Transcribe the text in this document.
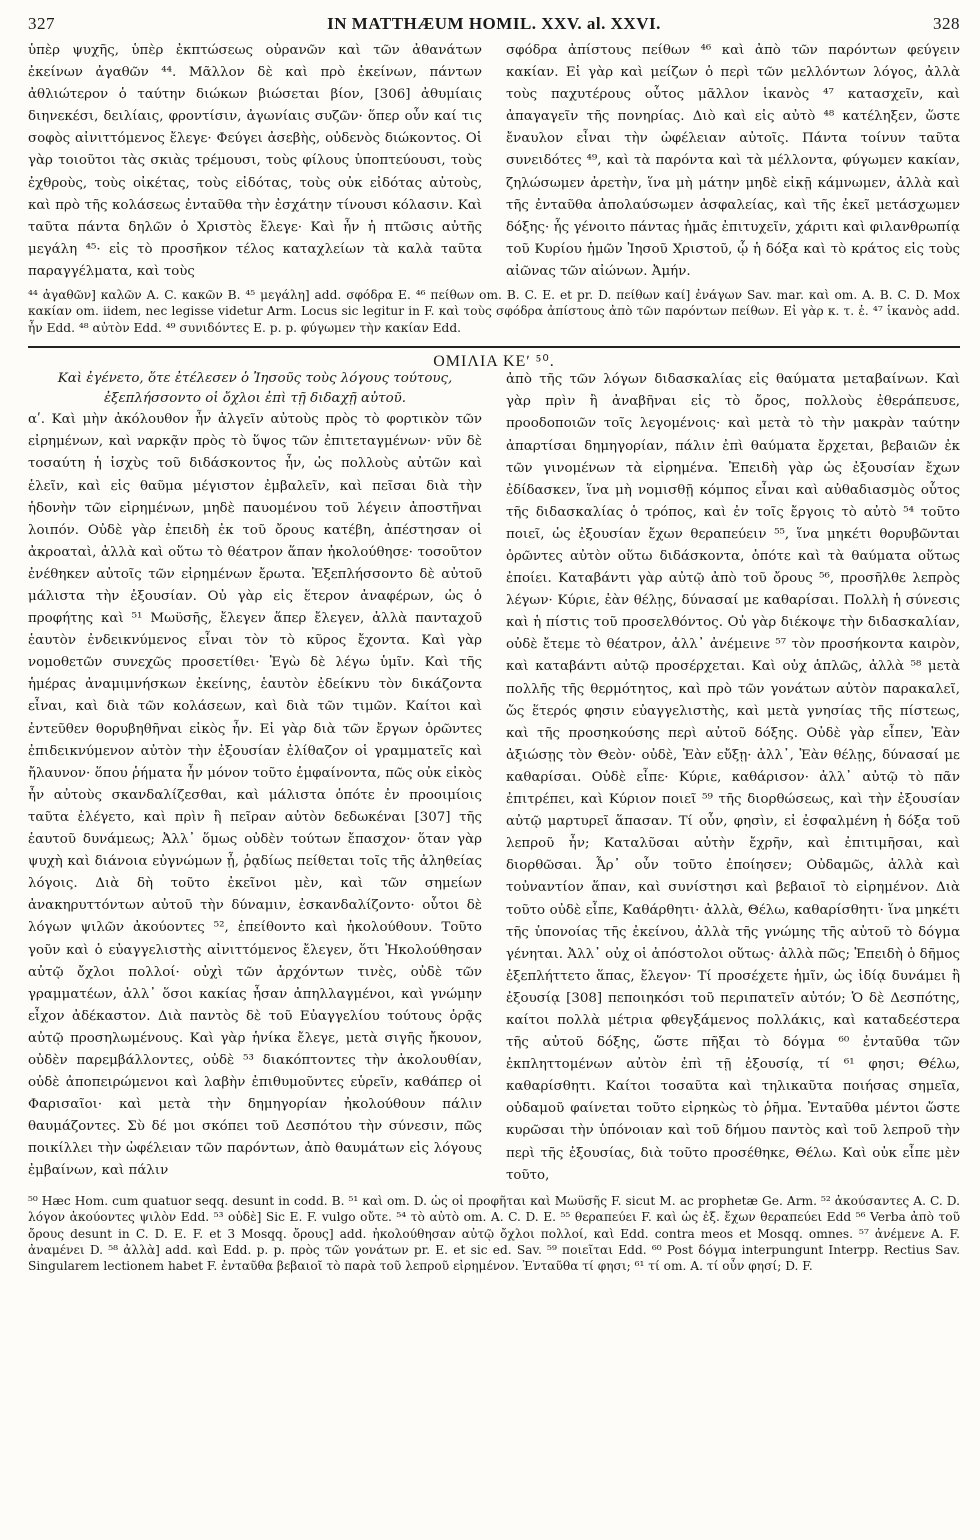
327	IN MATTHÆUM HOMIL. XXV. al. XXVI.	328

ὑπὲρ ψυχῆς, ὑπὲρ ἐκπτώσεως οὐρανῶν καὶ τῶν ἀθανάτων ἐκείνων ἀγαθῶν ⁴⁴. Μᾶλλον δὲ καὶ πρὸ ἐκείνων, πάντων ἀθλιώτερον ὁ ταύτην διώκων βιώσεται βίον, [306] ἀθυμίαις διηνεκέσι, δειλίαις, φροντίσιν, ἀγωνίαις συζῶν· ὅπερ οὖν καί τις σοφὸς αἰνιττόμενος ἔλεγε· Φεύγει ἀσεβὴς, οὐδενὸς διώκοντος. Οἱ γὰρ τοιοῦτοι τὰς σκιὰς τρέμουσι, τοὺς φίλους ὑποπτεύουσι, τοὺς ἐχθροὺς, τοὺς οἰκέτας, τοὺς εἰδότας, τοὺς οὐκ εἰδότας αὐτοὺς, καὶ πρὸ τῆς κολάσεως ἐνταῦθα τὴν ἐσχάτην τίνουσι κόλασιν. Καὶ ταῦτα πάντα δηλῶν ὁ Χριστὸς ἔλεγε· Καὶ ἦν ἡ πτῶσις αὐτῆς μεγάλη ⁴⁵· εἰς τὸ προσῆκον τέλος καταχλείων τὰ καλὰ ταῦτα παραγγέλματα, καὶ τοὺς

σφόδρα ἀπίστους πείθων ⁴⁶ καὶ ἀπὸ τῶν παρόντων φεύγειν κακίαν. Εἰ γὰρ καὶ μείζων ὁ περὶ τῶν μελλόντων λόγος, ἀλλὰ τοὺς παχυτέρους οὗτος μᾶλλον ἱκανὸς ⁴⁷ κατασχεῖν, καὶ ἀπαγαγεῖν τῆς πονηρίας. Διὸ καὶ εἰς αὐτὸ ⁴⁸ κατέληξεν, ὥστε ἔναυλον εἶναι τὴν ὠφέλειαν αὐτοῖς. Πάντα τοίνυν ταῦτα συνειδότες ⁴⁹, καὶ τὰ παρόντα καὶ τὰ μέλλοντα, φύγωμεν κακίαν, ζηλώσωμεν ἀρετὴν, ἵνα μὴ μάτην μηδὲ εἰκῇ κάμνωμεν, ἀλλὰ καὶ τῆς ἐνταῦθα ἀπολαύσωμεν ἀσφαλείας, καὶ τῆς ἐκεῖ μετάσχωμεν δόξης· ἧς γένοιτο πάντας ἡμᾶς ἐπιτυχεῖν, χάριτι καὶ φιλανθρωπίᾳ τοῦ Κυρίου ἡμῶν Ἰησοῦ Χριστοῦ, ᾧ ἡ δόξα καὶ τὸ κράτος εἰς τοὺς αἰῶνας τῶν αἰώνων. Ἀμήν.

⁴⁴ ἀγαθῶν] καλῶν A. C. κακῶν B. ⁴⁵ μεγάλη] add. σφόδρα E. ⁴⁶ πείθων om. B. C. E. et pr. D. πείθων καί] ἐνάγων Sav. mar. καὶ om. A. B. C. D. Mox κακίαν om. iidem, nec legisse videtur Arm. Locus sic legitur in F. καὶ τοὺς σφόδρα ἀπίστους ἀπὸ τῶν παρόντων πείθων. Εἰ γὰρ κ. τ. ἑ. ⁴⁷ ἱκανὸς add. ἦν Edd. ⁴⁸ αὐτὸν Edd. ⁴⁹ συνιδόντες E. p. p. φύγωμεν τὴν κακίαν Edd.
ΟΜΙΛΙΑ ΚΕʹ ⁵⁰.
Καὶ ἐγένετο, ὅτε ἐτέλεσεν ὁ Ἰησοῦς τοὺς λόγους τούτους, ἐξεπλήσσοντο οἱ ὄχλοι ἐπὶ τῇ διδαχῇ αὐτοῦ.
αʹ. Καὶ μὴν ἀκόλουθον ἦν ἀλγεῖν αὐτοὺς πρὸς τὸ φορτικὸν τῶν εἰρημένων, καὶ ναρκᾷν πρὸς τὸ ὕψος τῶν ἐπιτεταγμένων· νῦν δὲ τοσαύτη ἡ ἰσχὺς τοῦ διδάσκοντος ἦν, ὡς πολλοὺς αὐτῶν καὶ ἑλεῖν, καὶ εἰς θαῦμα μέγιστον ἐμβαλεῖν, καὶ πεῖσαι διὰ τὴν ἡδονὴν τῶν εἰρημένων, μηδὲ παυομένου τοῦ λέγειν ἀποστῆναι λοιπόν. Οὐδὲ γὰρ ἐπειδὴ ἐκ τοῦ ὄρους κατέβη, ἀπέστησαν οἱ ἀκροαταὶ, ἀλλὰ καὶ οὕτω τὸ θέατρον ἅπαν ἠκολούθησε· τοσοῦτον ἐνέθηκεν αὐτοῖς τῶν εἰρημένων ἔρωτα. Ἐξεπλήσσοντο δὲ αὐτοῦ μάλιστα τὴν ἐξουσίαν. Οὐ γὰρ εἰς ἕτερον ἀναφέρων, ὡς ὁ προφήτης καὶ ⁵¹ Μωϋσῆς, ἔλεγεν ἅπερ ἔλεγεν, ἀλλὰ πανταχοῦ ἑαυτὸν ἐνδεικνύμενος εἶναι τὸν τὸ κῦρος ἔχοντα. Καὶ γὰρ νομοθετῶν συνεχῶς προσετίθει· Ἐγὼ δὲ λέγω ὑμῖν. Καὶ τῆς ἡμέρας ἀναμιμνήσκων ἐκείνης, ἑαυτὸν ἐδείκνυ τὸν δικάζοντα εἶναι, καὶ διὰ τῶν κολάσεων, καὶ διὰ τῶν τιμῶν. Καίτοι καὶ ἐντεῦθεν θορυβηθῆναι εἰκὸς ἦν. Εἰ γὰρ διὰ τῶν ἔργων ὁρῶντες ἐπιδεικνύμενον αὐτὸν τὴν ἐξουσίαν ἐλίθαζον οἱ γραμματεῖς καὶ ἤλαυνον· ὅπου ῥήματα ἦν μόνον τοῦτο ἐμφαίνοντα, πῶς οὐκ εἰκὸς ἦν αὐτοὺς σκανδαλίζεσθαι, καὶ μάλιστα ὁπότε ἐν προοιμίοις ταῦτα ἐλέγετο, καὶ πρὶν ἢ πεῖραν αὐτὸν δεδωκέναι [307] τῆς ἑαυτοῦ δυνάμεως; Ἀλλ᾽ ὅμως οὐδὲν τούτων ἔπασχον· ὅταν γὰρ ψυχὴ καὶ διάνοια εὐγνώμων ᾖ, ῥᾳδίως πείθεται τοῖς τῆς ἀληθείας λόγοις. Διὰ δὴ τοῦτο ἐκεῖνοι μὲν, καὶ τῶν σημείων ἀνακηρυττόντων αὐτοῦ τὴν δύναμιν, ἐσκανδαλίζοντο· οὗτοι δὲ λόγων ψιλῶν ἀκούοντες ⁵², ἐπείθοντο καὶ ἠκολούθουν. Τοῦτο γοῦν καὶ ὁ εὐαγγελιστὴς αἰνιττόμενος ἔλεγεν, ὅτι Ἠκολούθησαν αὐτῷ ὄχλοι πολλοί· οὐχὶ τῶν ἀρχόντων τινὲς, οὐδὲ τῶν γραμματέων, ἀλλ᾽ ὅσοι κακίας ἦσαν ἀπηλλαγμένοι, καὶ γνώμην εἶχον ἀδέκαστον. Διὰ παντὸς δὲ τοῦ Εὐαγγελίου τούτους ὁρᾷς αὐτῷ προσηλωμένους. Καὶ γὰρ ἡνίκα ἔλεγε, μετὰ σιγῆς ἤκουον, οὐδὲν παρεμβάλλοντες, οὐδὲ ⁵³ διακόπτοντες τὴν ἀκολουθίαν, οὐδὲ ἀποπειρώμενοι καὶ λαβὴν ἐπιθυμοῦντες εὑρεῖν, καθάπερ οἱ Φαρισαῖοι· καὶ μετὰ τὴν δημηγορίαν ἠκολούθουν πάλιν θαυμάζοντες. Σὺ δέ μοι σκόπει τοῦ Δεσπότου τὴν σύνεσιν, πῶς ποικίλλει τὴν ὠφέλειαν τῶν παρόντων, ἀπὸ θαυμάτων εἰς λόγους ἐμβαίνων, καὶ πάλιν

ἀπὸ τῆς τῶν λόγων διδασκαλίας εἰς θαύματα μεταβαίνων. Καὶ γὰρ πρὶν ἢ ἀναβῆναι εἰς τὸ ὄρος, πολλοὺς ἐθεράπευσε, προοδοποιῶν τοῖς λεγομένοις· καὶ μετὰ τὸ τὴν μακρὰν ταύτην ἀπαρτίσαι δημηγορίαν, πάλιν ἐπὶ θαύματα ἔρχεται, βεβαιῶν ἐκ τῶν γινομένων τὰ εἰρημένα. Ἐπειδὴ γὰρ ὡς ἐξουσίαν ἔχων ἐδίδασκεν, ἵνα μὴ νομισθῇ κόμπος εἶναι καὶ αὐθαδιασμὸς οὗτος τῆς διδασκαλίας ὁ τρόπος, καὶ ἐν τοῖς ἔργοις τὸ αὐτὸ ⁵⁴ τοῦτο ποιεῖ, ὡς ἐξουσίαν ἔχων θεραπεύειν ⁵⁵, ἵνα μηκέτι θορυβῶνται ὁρῶντες αὐτὸν οὕτω διδάσκοντα, ὁπότε καὶ τὰ θαύματα οὕτως ἐποίει. Καταβάντι γὰρ αὐτῷ ἀπὸ τοῦ ὄρους ⁵⁶, προσῆλθε λεπρὸς λέγων· Κύριε, ἐὰν θέλῃς, δύνασαί με καθαρίσαι. Πολλὴ ἡ σύνεσις καὶ ἡ πίστις τοῦ προσελθόντος. Οὐ γὰρ διέκοψε τὴν διδασκαλίαν, οὐδὲ ἔτεμε τὸ θέατρον, ἀλλ᾽ ἀνέμεινε ⁵⁷ τὸν προσήκοντα καιρὸν, καὶ καταβάντι αὐτῷ προσέρχεται. Καὶ οὐχ ἁπλῶς, ἀλλὰ ⁵⁸ μετὰ πολλῆς τῆς θερμότητος, καὶ πρὸ τῶν γονάτων αὐτὸν παρακαλεῖ, ὥς ἕτερός φησιν εὐαγγελιστὴς, καὶ μετὰ γνησίας τῆς πίστεως, καὶ τῆς προσηκούσης περὶ αὐτοῦ δόξης. Οὐδὲ γὰρ εἶπεν, Ἐὰν ἀξιώσῃς τὸν Θεὸν· οὐδὲ, Ἐὰν εὔξῃ· ἀλλ᾽, Ἐὰν θέλῃς, δύνασαί με καθαρίσαι. Οὐδὲ εἶπε· Κύριε, καθάρισον· ἀλλ᾽ αὐτῷ τὸ πᾶν ἐπιτρέπει, καὶ Κύριον ποιεῖ ⁵⁹ τῆς διορθώσεως, καὶ τὴν ἐξουσίαν αὐτῷ μαρτυρεῖ ἅπασαν. Τί οὖν, φησὶν, εἰ ἐσφαλμένη ἡ δόξα τοῦ λεπροῦ ἦν; Καταλῦσαι αὐτὴν ἔχρῆν, καὶ ἐπιτιμῆσαι, καὶ διορθῶσαι. Ἆρ᾽ οὖν τοῦτο ἐποίησεν; Οὐδαμῶς, ἀλλὰ καὶ τοὐναντίον ἅπαν, καὶ συνίστησι καὶ βεβαιοῖ τὸ εἰρημένον. Διὰ τοῦτο οὐδὲ εἶπε, Καθάρθητι· ἀλλὰ, Θέλω, καθαρίσθητι· ἵνα μηκέτι τῆς ὑπονοίας τῆς ἐκείνου, ἀλλὰ τῆς γνώμης τῆς αὐτοῦ τὸ δόγμα γένηται. Ἀλλ᾽ οὐχ οἱ ἀπόστολοι οὕτως· ἀλλὰ πῶς; Ἐπειδὴ ὁ δῆμος ἐξεπλήττετο ἅπας, ἔλεγον· Τί προσέχετε ἡμῖν, ὡς ἰδίᾳ δυνάμει ἢ ἐξουσίᾳ [308] πεποιηκόσι τοῦ περιπατεῖν αὐτόν; Ὁ δὲ Δεσπότης, καίτοι πολλὰ μέτρια φθεγξάμενος πολλάκις, καὶ καταδεέστερα τῆς αὐτοῦ δόξης, ὥστε πῆξαι τὸ δόγμα ⁶⁰ ἐνταῦθα τῶν ἐκπληττομένων αὐτὸν ἐπὶ τῇ ἐξουσίᾳ, τί ⁶¹ φησι; Θέλω, καθαρίσθητι. Καίτοι τοσαῦτα καὶ τηλικαῦτα ποιήσας σημεῖα, οὐδαμοῦ φαίνεται τοῦτο εἰρηκὼς τὸ ῥῆμα. Ἐνταῦθα μέντοι ὥστε κυρῶσαι τὴν ὑπόνοιαν καὶ τοῦ δήμου παντὸς καὶ τοῦ λεπροῦ τὴν περὶ τῆς ἐξουσίας, διὰ τοῦτο προσέθηκε, Θέλω. Καὶ οὐκ εἶπε μὲν τοῦτο,

⁵⁰ Hæc Hom. cum quatuor seqq. desunt in codd. B. ⁵¹ καὶ om. D. ὡς οἱ προφῆται καὶ Μωϋσῆς F. sicut M. ac prophetæ Ge. Arm. ⁵² ἀκούσαντες A. C. D. λόγον ἀκούοντες ψιλὸν Edd. ⁵³ οὐδὲ] Sic E. F. vulgo οὔτε. ⁵⁴ τὸ αὐτὸ om. A. C. D. E. ⁵⁵ θεραπεύει F. καὶ ὡς ἐξ. ἔχων θεραπεύει Edd ⁵⁶ Verba ἀπὸ τοῦ ὄρους desunt in C. D. E. F. et 3 Mosqq. ὄρους] add. ἠκολούθησαν αὐτῷ ὄχλοι πολλοί, καὶ Edd. contra meos et Mosqq. omnes. ⁵⁷ ἀνέμενε A. F. ἀναμένει D. ⁵⁸ ἀλλὰ] add. καὶ Edd. p. p. πρὸς τῶν γονάτων pr. E. et sic ed. Sav. ⁵⁹ ποιεῖται Edd. ⁶⁰ Post δόγμα interpungunt Interpp. Rectius Sav. Singularem lectionem habet F. ἐνταῦθα βεβαιοῖ τὸ παρὰ τοῦ λεπροῦ εἰρημένον. Ἐνταῦθα τί φησι; ⁶¹ τί om. A. τί οὖν φησί; D. F.
